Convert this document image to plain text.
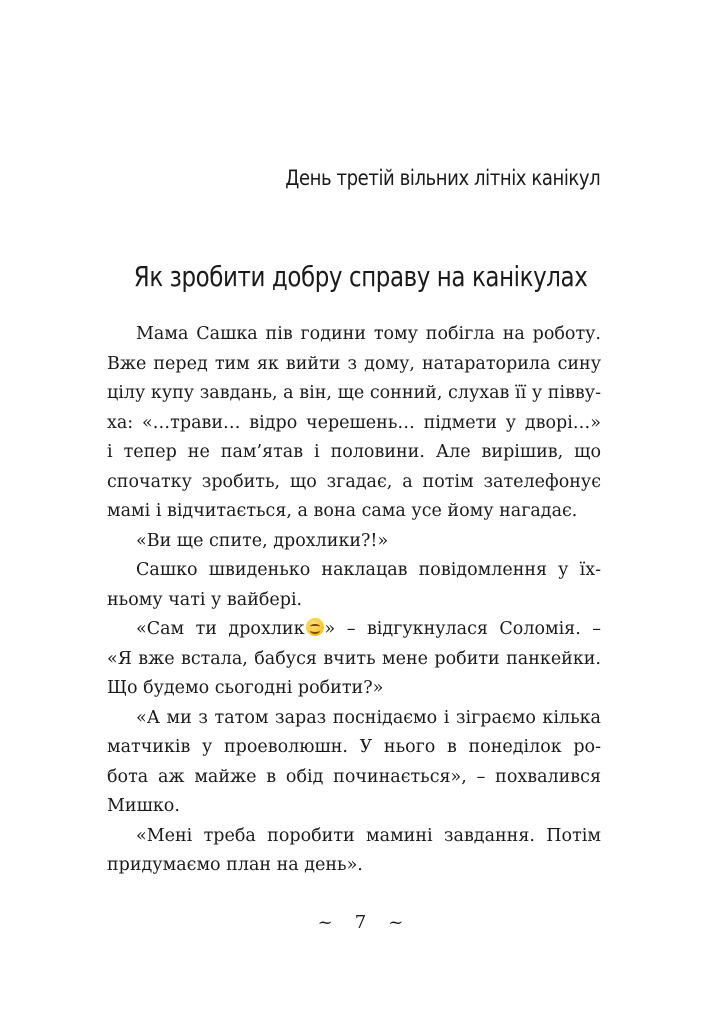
День третій вільних літніх канікул
Як зробити добру справу на канікулах
Мама Сашка пів години тому побігла на роботу.
Вже перед тим як вийти з дому, натараторила сину
цілу купу завдань, а він, ще сонний, слухав її у півву-
ха: «…трави… відро черешень… підмети у дворі…»
і тепер не пам’ятав і половини. Але вирішив, що
спочатку зробить, що згадає, а потім зателефонує
мамі і відчитається, а вона сама усе йому нагадає.
«Ви ще спите, дрохлики?!»
Сашко швиденько наклацав повідомлення у їх-
ньому чаті у вайбері.
«Сам ти дрохлик » – відгукнулася Соломія. –
«Я вже встала, бабуся вчить мене робити панкейки.
Що будемо сьогодні робити?»
«А ми з татом зараз поснідаємо і зіграємо кілька
матчиків у проеволюшн. У нього в понеділок ро-
бота аж майже в обід починається», – похвалився
Мишко.
«Мені треба поробити мамині завдання. Потім
придумаємо план на день».
~ 7 ~
